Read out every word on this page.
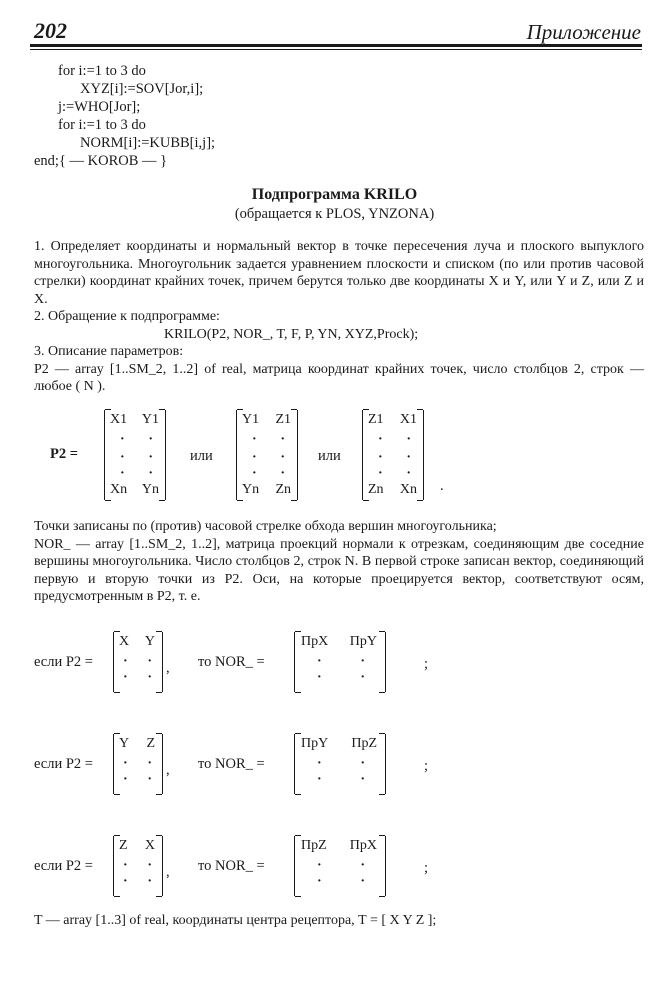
202	Приложение
for i:=1 to 3 do
XYZ[i]:=SOV[Jor,i];
j:=WHO[Jor];
for i:=1 to 3 do
NORM[i]:=KUBB[i,j];
end;{ — KOROB — }
Подпрограмма KRILO
(обращается к PLOS, YNZONA)

1. Определяет координаты и нормальный вектор в точке пересечения луча и плоского выпуклого многоугольника. Многоугольник задается уравнением плоскости и списком (по или против часовой стрелки) координат крайних точек, причем берутся только две координаты X и Y, или Y и Z, или Z и X.

2. Обращение к подпрограмме:

KRILO(P2, NOR_, T, F, P, YN, XYZ,Prock);

3. Описание параметров:

P2 — array [1..SM_2, 1..2] of real, матрица координат крайних точек, число столбцов 2, строк — любое ( N ).

P2 =
X1 Y1
· ·
· ·
· ·
Xn Yn
или
Y1 Z1
· ·
· ·
· ·
Yn Zn
или
Z1 X1
· ·
· ·
· ·
Zn Xn .

Точки записаны по (против) часовой стрелке обхода вершин многоугольника;

NOR_ — array [1..SM_2, 1..2], матрица проекций нормали к отрезкам, соединяющим две соседние вершины многоугольника. Число столбцов 2, строк N. В первой строке записан вектор, соединяющий первую и вторую точки из P2. Оси, на которые проецируется вектор, соответствуют осям, предусмотренным в P2, т. е.

если P2 =
X Y
· ·
· ·
, то NOR_ =
ПрX ПрY
·	·
·	·
;
если P2 =
Y Z
· ·
· ·
, то NOR_ =
ПрY ПрZ
·	·
·	·
;
если P2 =
Z X
· ·
· ·
, то NOR_ =
ПрZ ПрX
·	·
·	·
;

T — array [1..3] of real, координаты центра рецептора, T = [ X Y Z ];
